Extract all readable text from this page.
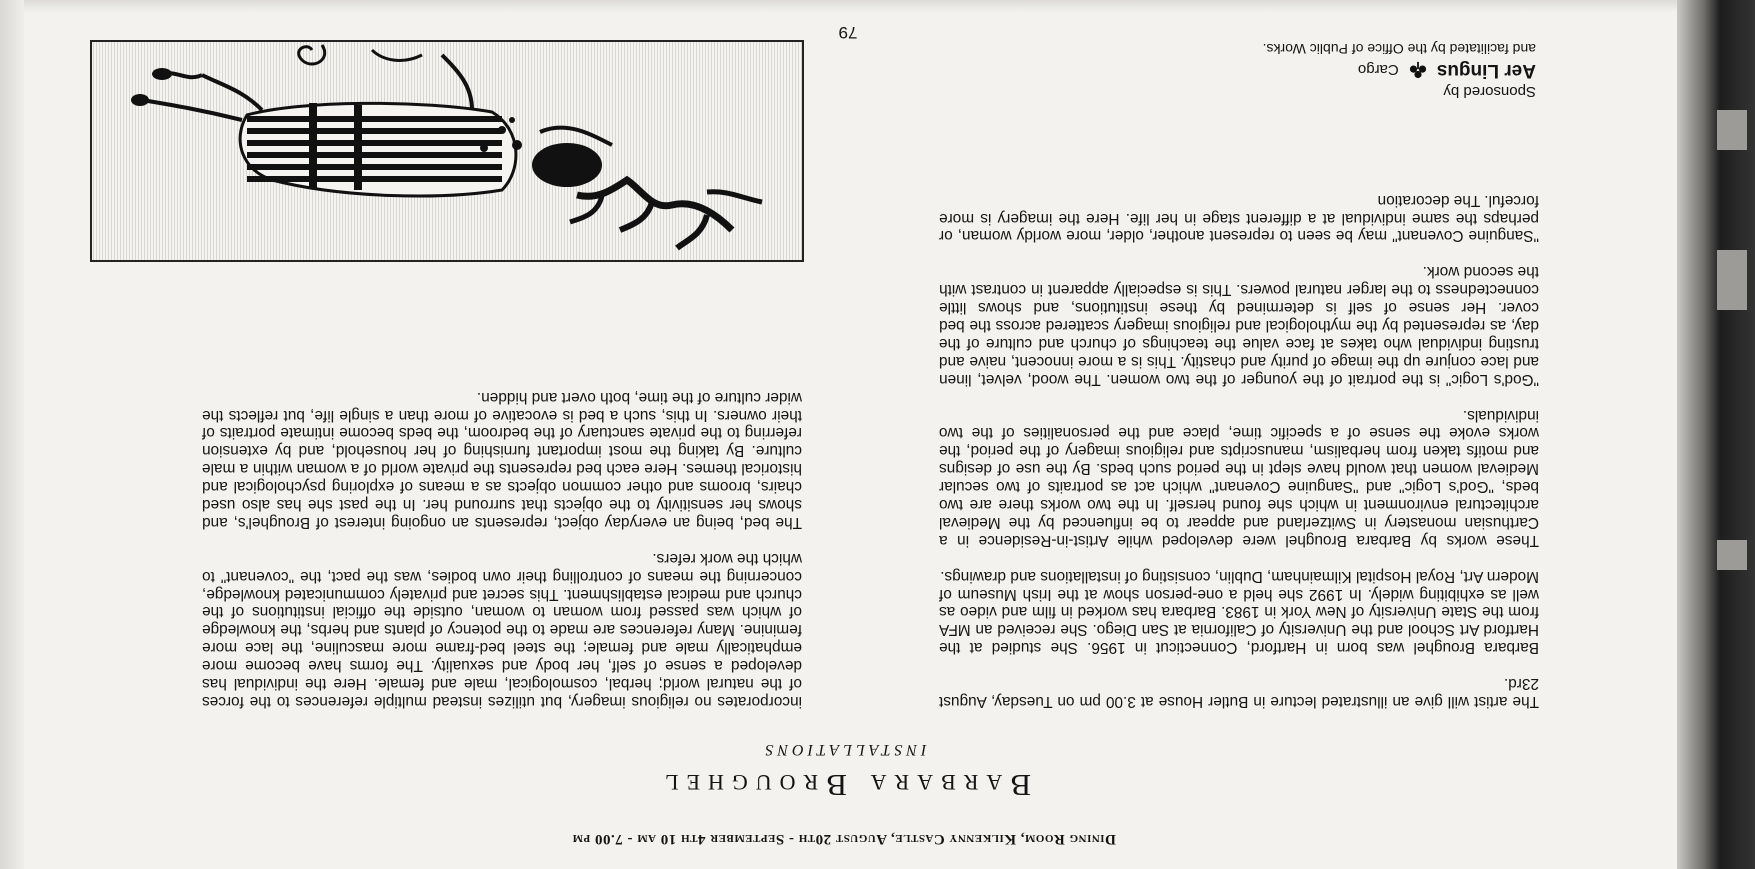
79
Dining Room, Kilkenny Castle, August 20th - September 4th 10 am - 7.00 pm
Barbara Broughel
INSTALLATIONS

The artist will give an illustrated lecture in Butler House at 3.00 pm on Tuesday, August 23rd.

Barbara Broughel was born in Hartford, Connecticut in 1956. She studied at the Hartford Art School and the University of California at San Diego. She received an MFA from the State University of New York in 1983. Barbara has worked in film and video as well as exhibiting widely. In 1992 she held a one-person show at the Irish Museum of Modern Art, Royal Hospital Kilmainham, Dublin, consisting of installations and drawings.

These works by Barbara Broughel were developed while Artist-in-Residence in a Carthusian monastery in Switzerland and appear to be influenced by the Medieval architectural environment in which she found herself. In the two works there are two beds, "God's Logic" and "Sanguine Covenant" which act as portraits of two secular Medieval women that would have slept in the period such beds. By the use of designs and motifs taken from herbalism, manuscripts and religious imagery of the period, the works evoke the sense of a specific time, place and the personalities of the two individuals.

"God's Logic" is the portrait of the younger of the two women. The wood, velvet, linen and lace conjure up the image of purity and chastity. This is a more innocent, naive and trusting individual who takes at face value the teachings of church and culture of the day, as represented by the mythological and religious imagery scattered across the bed cover. Her sense of self is determined by these institutions, and shows little connectedness to the larger natural powers. This is especially apparent in contrast with the second work.

"Sanguine Covenant" may be seen to represent another, older, more worldy woman, or perhaps the same individual at a different stage in her life. Here the imagery is more forceful. The decoration

incorporates no religious imagery, but utilizes instead multiple references to the forces of the natural world; herbal, cosmological, male and female. Here the individual has developed a sense of self, her body and sexuality. The forms have become more emphatically male and female; the steel bed-frame more masculine, the lace more feminine. Many references are made to the potency of plants and herbs, the knowledge of which was passed from woman to woman, outside the official institutions of the church and medical establishment. This secret and privately communicated knowledge, concerning the means of controlling their own bodies, was the pact, the "covenant" to which the work refers.

The bed, being an everyday object, represents an ongoing interest of Broughel's, and shows her sensitivity to the objects that surround her. In the past she has also used chairs, brooms and other common objects as a means of exploring psychological and historical themes. Here each bed represents the private world of a woman within a male culture. By taking the most important furnishing of her household, and by extension referring to the private sanctuary of the bedroom, the beds become intimate portraits of their owners. In this, such a bed is evocative of more than a single life, but reflects the wider culture of the time, both overt and hidden.

Sponsored by
Aer Lingus
Cargo
and facilitated by the Office of Public Works.
